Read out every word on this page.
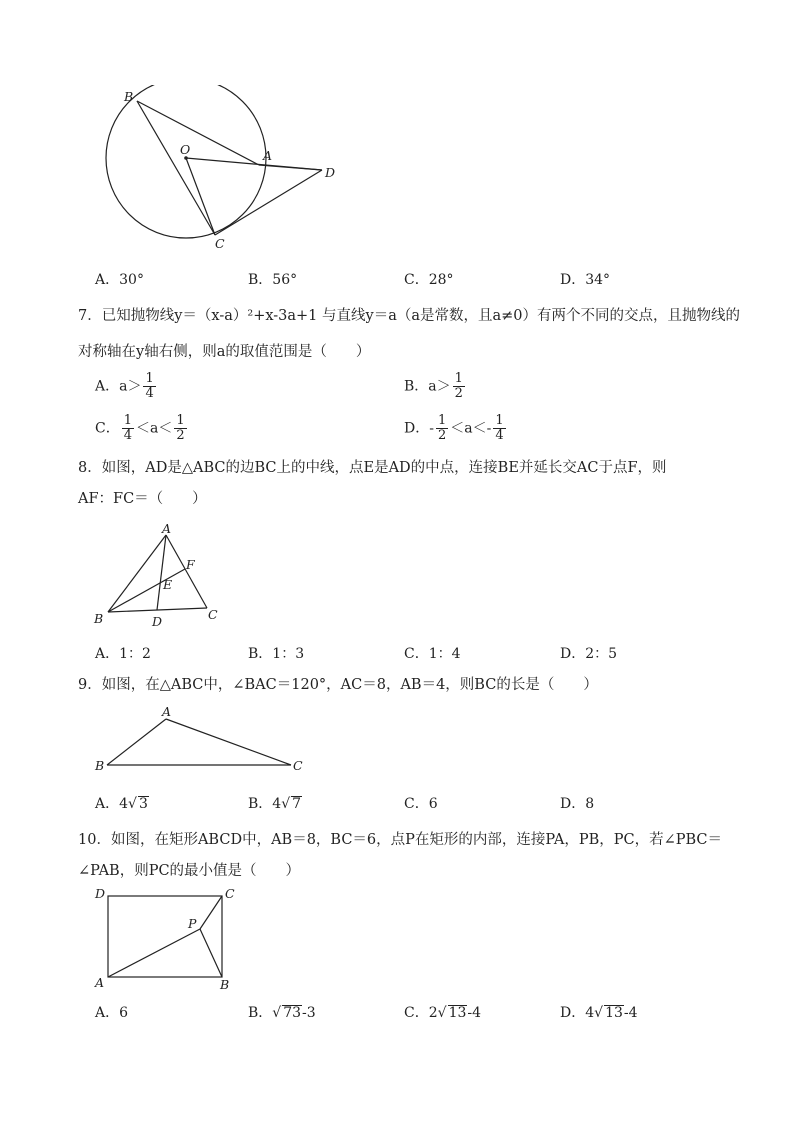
B
O	A
D
C
A．30°	B．56°	C．28°	D．34°
7．已知抛物线y＝（x-a）²+x-3a+1 与直线y＝a（a是常数，且a≠0）有两个不同的交点，且抛物线的
对称轴在y轴右侧，则a的取值范围是（　　）
A．$a> \frac{1}{4}$	B．$a> \frac{1}{2}$
C． $\frac{1}{4} <a< \frac{1}{2}$	D．- $\frac{1}{2} <a<- \frac{1}{4}$
8．如图，AD是△ABC的边BC上的中线，点E是AD的中点，连接BE并延长交AC于点F，则
AF：FC＝（　　）
A
F
E
B	D	C
A．1：2	B．1：3	C．1：4	D．2：5
9．如图，在△ABC中，∠BAC＝120°，AC＝8，AB＝4，则BC的长是（　　）
A
B	C
A．4√ 3	B．4√ 7	C．6	D．8
10．如图，在矩形ABCD中，AB＝8，BC＝6，点P在矩形的内部，连接PA，PB，PC，若∠PBC＝
∠PAB，则PC的最小值是（　　）
D	C
P
A	B
A．6	B．√ 73-3	C．2√ 13-4	D．4√ 13-4
